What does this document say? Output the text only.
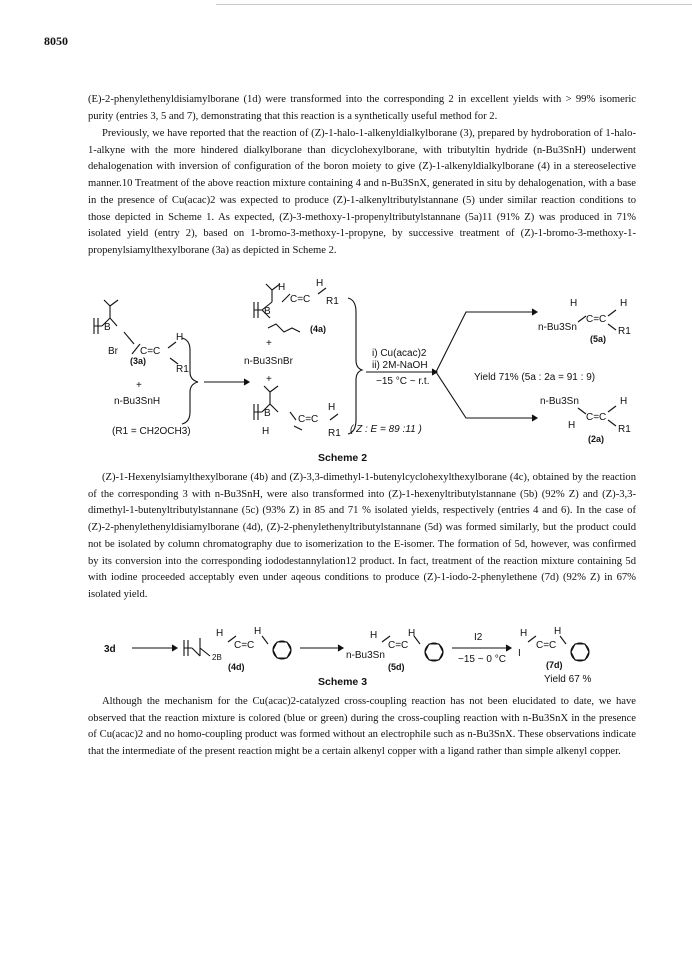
8050

(E)-2-phenylethenyldisiamylborane (1d) were transformed into the corresponding 2 in excellent yields with > 99% isomeric purity (entries 3, 5 and 7), demonstrating that this reaction is a synthetically useful method for 2.

Previously, we have reported that the reaction of (Z)-1-halo-1-alkenyldialkylborane (3), prepared by hydroboration of 1-halo-1-alkyne with the more hindered dialkylborane than dicyclohexylborane, with tributyltin hydride (n-Bu3SnH) underwent dehalogenation with inversion of configuration of the boron moiety to give (Z)-1-alkenyldialkylborane (4) in a stereoselective manner.10 Treatment of the above reaction mixture containing 4 and n-Bu3SnX, generated in situ by dehalogenation, with a base in the presence of Cu(acac)2 was expected to produce (Z)-1-alkenyltributylstannane (5) under similar reaction conditions to those depicted in Scheme 1. As expected, (Z)-3-methoxy-1-propenyltributylstannane (5a)11 (91% Z) was produced in 71% isolated yield (entry 2), based on 1-bromo-3-methoxy-1-propyne, by successive treatment of (Z)-1-bromo-3-methoxy-1-propenylsiamylthexylborane (3a) as depicted in Scheme 2.

B
C=C
H
Br
R1
(3a)
+
n-Bu3SnH
(R1 = CH2OCH3)
H	H
B
C=C R1
(4a)
+
n-Bu3SnBr
+
B
H
C=C
H
R1 ( Z : E = 89 :11 )
i) Cu(acac)2
ii) 2M-NaOH
−15 °C ~ r.t.	Yield 71% (5a : 2a = 91 : 9)
H	H
n-Bu3Sn
C=C
R1
(5a)
n-Bu3Sn
C=C
H
H	R1
(2a)
3d
2B
H	H
C=C
(4d)
H	H
n-Bu3Sn
C=C
(5d)
I2
−15 ~ 0 °C
H	H
I
C=C
(7d)
Yield 67 %
Scheme 2

(Z)-1-Hexenylsiamylthexylborane (4b) and (Z)-3,3-dimethyl-1-butenylcyclohexylthexylborane (4c), obtained by the reaction of the corresponding 3 with n-Bu3SnH, were also transformed into (Z)-1-hexenyltributylstannane (5b) (92% Z) and (Z)-3,3-dimethyl-1-butenyltributylstannane (5c) (93% Z) in 85 and 71 % isolated yields, respectively (entries 4 and 6). In the case of (Z)-2-phenylethenyldisiamylborane (4d), (Z)-2-phenylethenyltributylstannane (5d) was formed similarly, but the product could not be isolated by column chromatography due to isomerization to the E-isomer. The formation of 5d, however, was confirmed by its conversion into the corresponding iododestannylation12 product. In fact, treatment of the reaction mixture containing 5d with iodine proceeded acceptably even under aqeous conditions to produce (Z)-1-iodo-2-phenylethene (7d) (92% Z) in 67% isolated yield.

Scheme 3

Although the mechanism for the Cu(acac)2-catalyzed cross-coupling reaction has not been elucidated to date, we have observed that the reaction mixture is colored (blue or green) during the cross-coupling reaction with n-Bu3SnX in the presence of Cu(acac)2 and no homo-coupling product was formed without an electrophile such as n-Bu3SnX. These observations indicate that the intermediate of the present reaction might be a certain alkenyl copper with a ligand rather than simple alkenyl copper.
